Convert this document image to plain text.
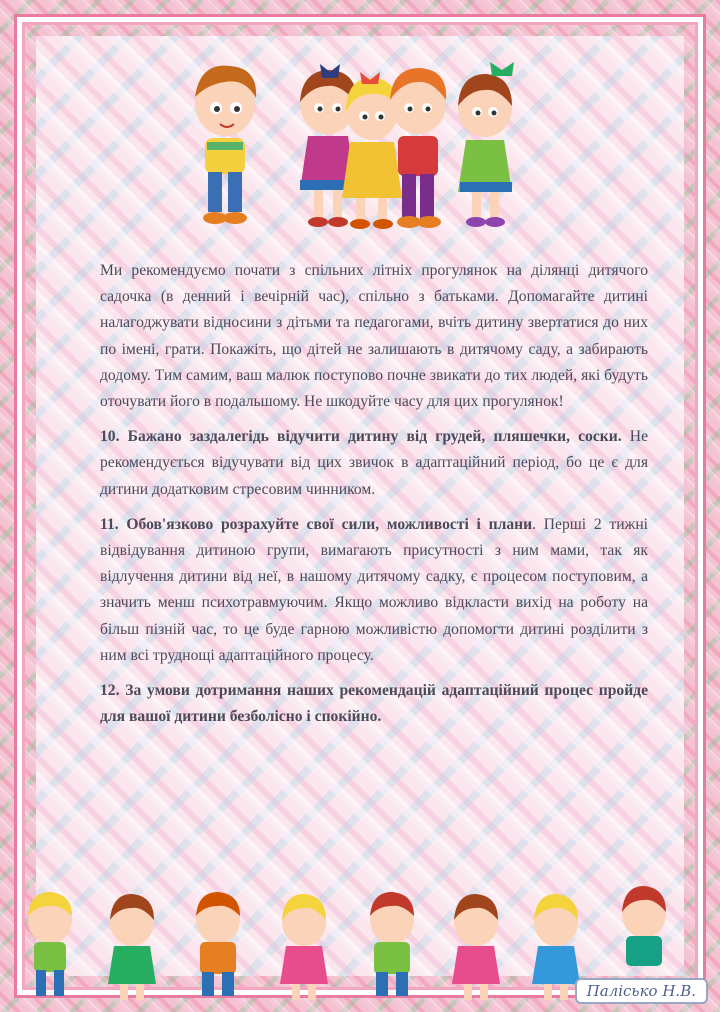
Ми рекомендуємо почати з спільних літніх прогулянок на ділянці дитячого садочка (в денний і вечірній час), спільно з батьками. Допомагайте дитині налагоджувати відносини з дітьми та педагогами, вчіть дитину звертатися до них по імені, грати. Покажіть, що дітей не залишають в дитячому саду, а забирають додому. Тим самим, ваш малюк поступово почне звикати до тих людей, які будуть оточувати його в подальшому. Не шкодуйте часу для цих прогулянок!

10. Бажано заздалегідь відучити дитину від грудей, пляшечки, соски. Не рекомендується відучувати від цих звичок в адаптаційний період, бо це є для дитини додатковим стресовим чинником.

11. Обов'язково розрахуйте свої сили, можливості і плани. Перші 2 тижні відвідування дитиною групи, вимагають присутності з ним мами, так як відлучення дитини від неї, в нашому дитячому садку, є процесом поступовим, а значить менш психотравмуючим. Якщо можливо відкласти вихід на роботу на більш пізній час, то це буде гарною можливістю допомогти дитині розділити з ним всі труднощі адаптаційного процесу.

12. За умови дотримання наших рекомендацій адаптаційний процес пройде для вашої дитини безболісно і спокійно.

Палісько Н.В.
